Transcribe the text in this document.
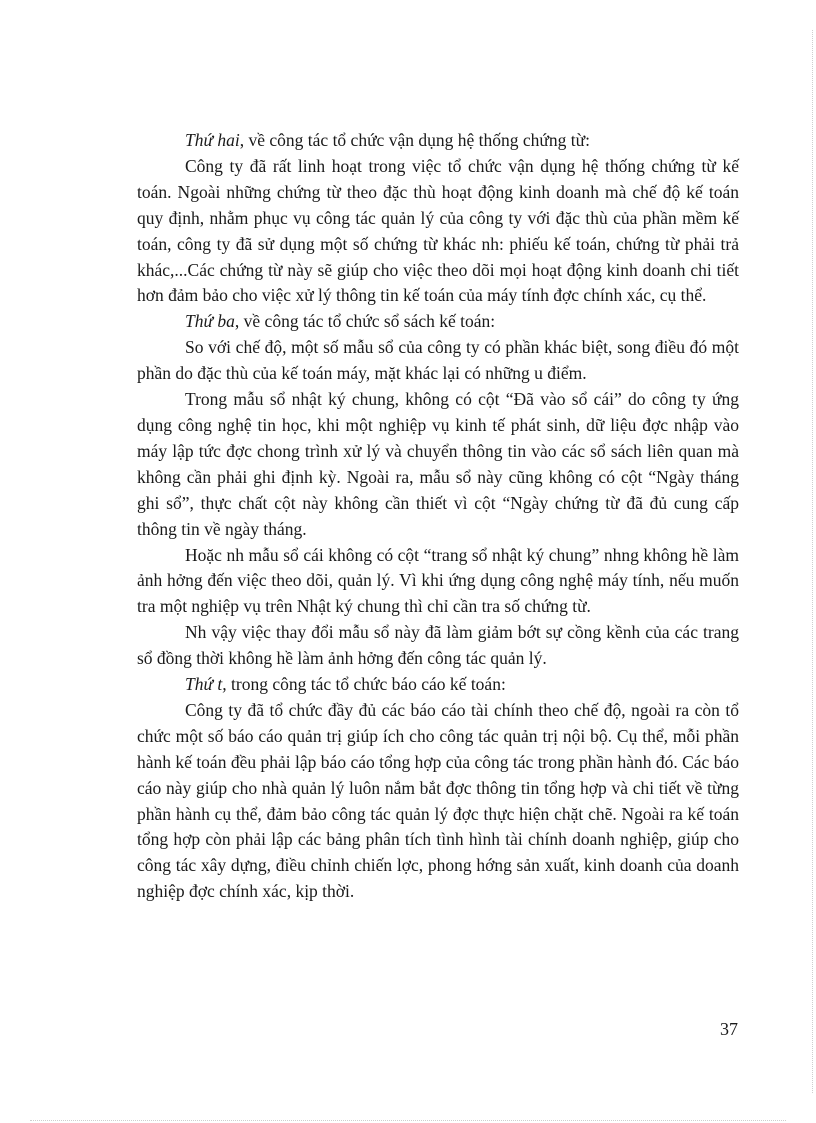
Thứ hai, về công tác tổ chức vận dụng hệ thống chứng từ:

Công ty đã rất linh hoạt trong việc tổ chức vận dụng hệ thống chứng từ kế toán. Ngoài những chứng từ theo đặc thù hoạt động kinh doanh mà chế độ kế toán quy định, nhằm phục vụ công tác quản lý của công ty với đặc thù của phần mềm kế toán, công ty đã sử dụng một số chứng từ khác nh: phiếu kế toán, chứng từ phải trả khác,...Các chứng từ này sẽ giúp cho việc theo dõi mọi hoạt động kinh doanh chi tiết hơn đảm bảo cho việc xử lý thông tin kế toán của máy tính đợc chính xác, cụ thể.

Thứ ba, về công tác tổ chức sổ sách kế toán:

So với chế độ, một số mẫu sổ của công ty có phần khác biệt, song điều đó một phần do đặc thù của kế toán máy, mặt khác lại có những u điểm.

Trong mẫu sổ nhật ký chung, không có cột “Đã vào sổ cái” do công ty ứng dụng công nghệ tin học, khi một nghiệp vụ kinh tế phát sinh, dữ liệu đợc nhập vào máy lập tức đợc chong trình xử lý và chuyển thông tin vào các sổ sách liên quan mà không cần phải ghi định kỳ. Ngoài ra, mẫu sổ này cũng không có cột “Ngày tháng ghi sổ”, thực chất cột này không cần thiết vì cột “Ngày chứng từ đã đủ cung cấp thông tin về ngày tháng.

Hoặc nh mẫu sổ cái không có cột “trang sổ nhật ký chung” nhng không hề làm ảnh hởng đến việc theo dõi, quản lý. Vì khi ứng dụng công nghệ máy tính, nếu muốn tra một nghiệp vụ trên Nhật ký chung thì chỉ cần tra số chứng từ.

Nh vậy việc thay đổi mẫu sổ này đã làm giảm bớt sự cồng kềnh của các trang sổ đồng thời không hề làm ảnh hởng đến công tác quản lý.

Thứ t, trong công tác tổ chức báo cáo kế toán:

Công ty đã tổ chức đầy đủ các báo cáo tài chính theo chế độ, ngoài ra còn tổ chức một số báo cáo quản trị giúp ích cho công tác quản trị nội bộ. Cụ thể, mỗi phần hành kế toán đều phải lập báo cáo tổng hợp của công tác trong phần hành đó. Các báo cáo này giúp cho nhà quản lý luôn nắm bắt đợc thông tin tổng hợp và chi tiết về từng phần hành cụ thể, đảm bảo công tác quản lý đợc thực hiện chặt chẽ. Ngoài ra kế toán tổng hợp còn phải lập các bảng phân tích tình hình tài chính doanh nghiệp, giúp cho công tác xây dựng, điều chỉnh chiến lợc, phong hớng sản xuất, kinh doanh của doanh nghiệp đợc chính xác, kịp thời.

37
